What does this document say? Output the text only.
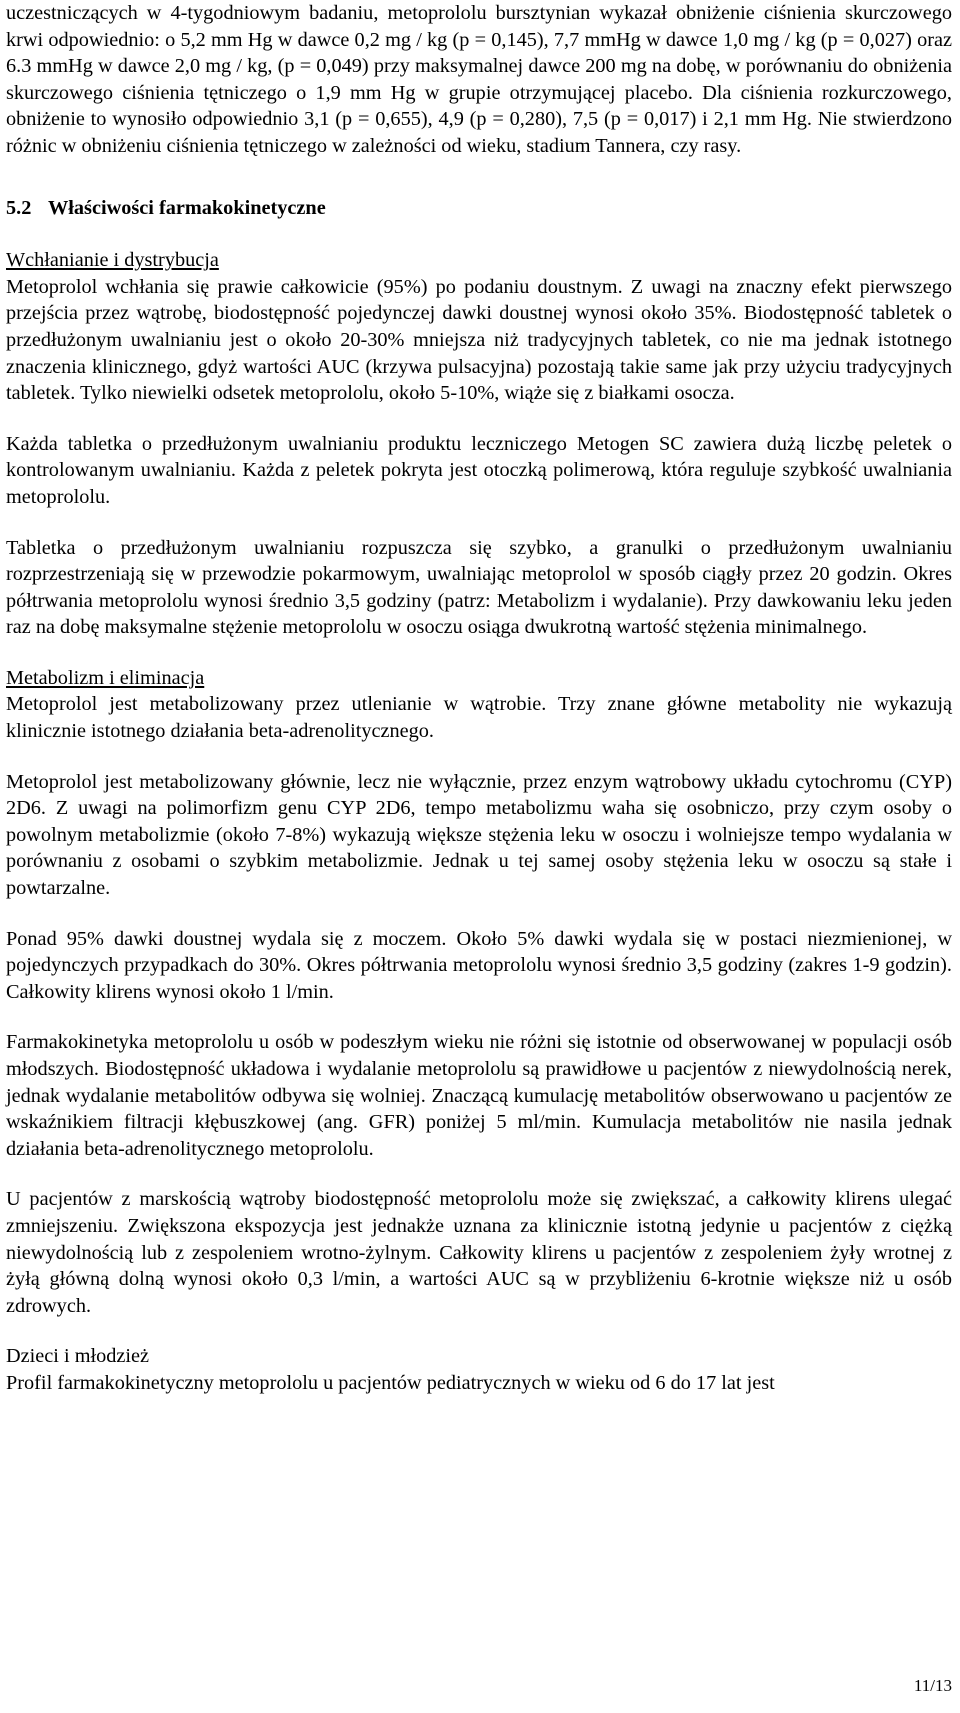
uczestniczących w 4-tygodniowym badaniu, metoprololu bursztynian wykazał obniżenie ciśnienia skurczowego krwi odpowiednio: o 5,2 mm Hg w dawce 0,2 mg / kg (p = 0,145), 7,7 mmHg w dawce 1,0 mg / kg (p = 0,027) oraz 6.3 mmHg w dawce 2,0 mg / kg, (p = 0,049) przy maksymalnej dawce 200 mg na dobę, w porównaniu do obniżenia skurczowego ciśnienia tętniczego o 1,9 mm Hg w grupie otrzymującej placebo. Dla ciśnienia rozkurczowego, obniżenie to wynosiło odpowiednio 3,1 (p = 0,655), 4,9 (p = 0,280), 7,5 (p = 0,017) i 2,1 mm Hg. Nie stwierdzono różnic w obniżeniu ciśnienia tętniczego w zależności od wieku, stadium Tannera, czy rasy.

5.2 Właściwości farmakokinetyczne
Wchłanianie i dystrybucja

Metoprolol wchłania się prawie całkowicie (95%) po podaniu doustnym. Z uwagi na znaczny efekt pierwszego przejścia przez wątrobę, biodostępność pojedynczej dawki doustnej wynosi około 35%. Biodostępność tabletek o przedłużonym uwalnianiu jest o około 20-30% mniejsza niż tradycyjnych tabletek, co nie ma jednak istotnego znaczenia klinicznego, gdyż wartości AUC (krzywa pulsacyjna) pozostają takie same jak przy użyciu tradycyjnych tabletek. Tylko niewielki odsetek metoprololu, około 5-10%, wiąże się z białkami osocza.

Każda tabletka o przedłużonym uwalnianiu produktu leczniczego Metogen SC zawiera dużą liczbę peletek o kontrolowanym uwalnianiu. Każda z peletek pokryta jest otoczką polimerową, która reguluje szybkość uwalniania metoprololu.

Tabletka o przedłużonym uwalnianiu rozpuszcza się szybko, a granulki o przedłużonym uwalnianiu rozprzestrzeniają się w przewodzie pokarmowym, uwalniając metoprolol w sposób ciągły przez 20 godzin. Okres półtrwania metoprololu wynosi średnio 3,5 godziny (patrz: Metabolizm i wydalanie). Przy dawkowaniu leku jeden raz na dobę maksymalne stężenie metoprololu w osoczu osiąga dwukrotną wartość stężenia minimalnego.

Metabolizm i eliminacja

Metoprolol jest metabolizowany przez utlenianie w wątrobie. Trzy znane główne metabolity nie wykazują klinicznie istotnego działania beta-adrenolitycznego.

Metoprolol jest metabolizowany głównie, lecz nie wyłącznie, przez enzym wątrobowy układu cytochromu (CYP) 2D6. Z uwagi na polimorfizm genu CYP 2D6, tempo metabolizmu waha się osobniczo, przy czym osoby o powolnym metabolizmie (około 7-8%) wykazują większe stężenia leku w osoczu i wolniejsze tempo wydalania w porównaniu z osobami o szybkim metabolizmie. Jednak u tej samej osoby stężenia leku w osoczu są stałe i powtarzalne.

Ponad 95% dawki doustnej wydala się z moczem. Około 5% dawki wydala się w postaci niezmienionej, w pojedynczych przypadkach do 30%. Okres półtrwania metoprololu wynosi średnio 3,5 godziny (zakres 1-9 godzin). Całkowity klirens wynosi około 1 l/min.

Farmakokinetyka metoprololu u osób w podeszłym wieku nie różni się istotnie od obserwowanej w populacji osób młodszych. Biodostępność układowa i wydalanie metoprololu są prawidłowe u pacjentów z niewydolnością nerek, jednak wydalanie metabolitów odbywa się wolniej. Znaczącą kumulację metabolitów obserwowano u pacjentów ze wskaźnikiem filtracji kłębuszkowej (ang. GFR) poniżej 5 ml/min. Kumulacja metabolitów nie nasila jednak działania beta-adrenolitycznego metoprololu.

U pacjentów z marskością wątroby biodostępność metoprololu może się zwiększać, a całkowity klirens ulegać zmniejszeniu. Zwiększona ekspozycja jest jednakże uznana za klinicznie istotną jedynie u pacjentów z ciężką niewydolnością lub z zespoleniem wrotno-żylnym. Całkowity klirens u pacjentów z zespoleniem żyły wrotnej z żyłą główną dolną wynosi około 0,3 l/min, a wartości AUC są w przybliżeniu 6-krotnie większe niż u osób zdrowych.

Dzieci i młodzież

Profil farmakokinetyczny metoprololu u pacjentów pediatrycznych w wieku od 6 do 17 lat jest

11/13
